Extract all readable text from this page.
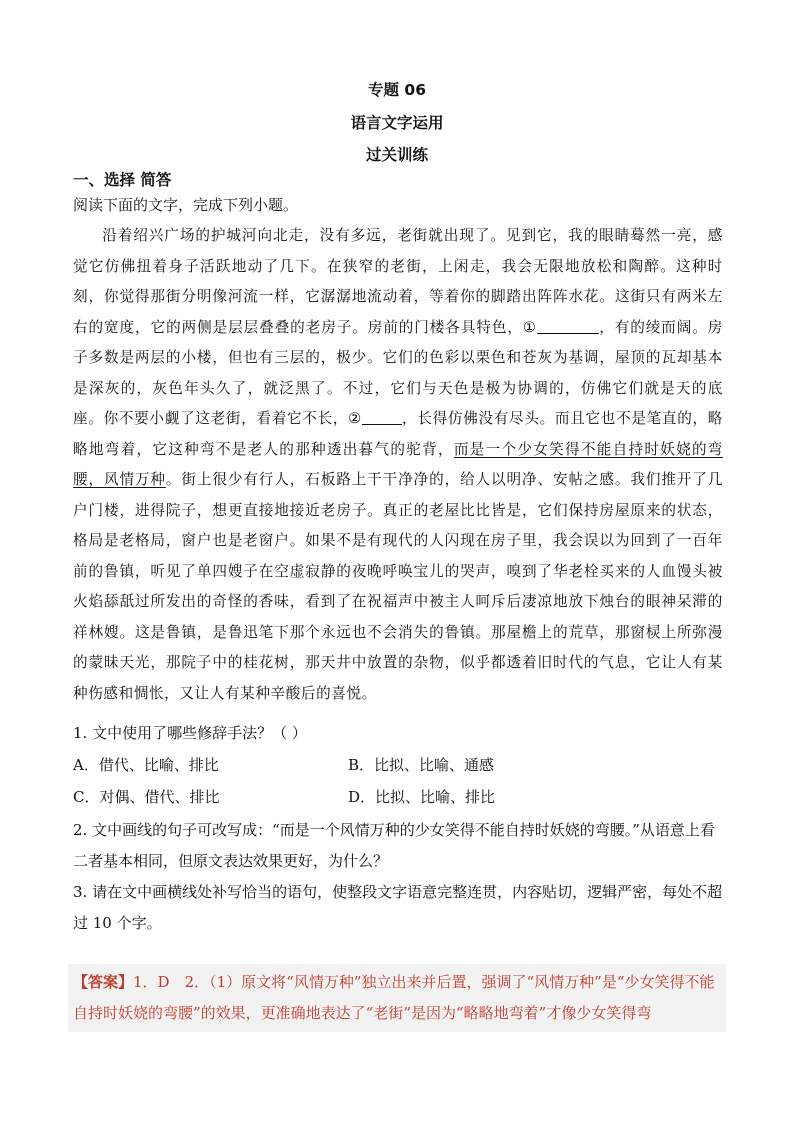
专题 06
语言文字运用
过关训练
一、选择 简答
阅读下面的文字，完成下列小题。

沿着绍兴广场的护城河向北走，没有多远，老街就出现了。见到它，我的眼睛蓦然一亮，感觉它仿佛扭着身子活跃地动了几下。在狭窄的老街，上闲走，我会无限地放松和陶醉。这种时刻，你觉得那街分明像河流一样，它潺潺地流动着，等着你的脚踏出阵阵水花。这街只有两米左右的宽度，它的两侧是层层叠叠的老房子。房前的门楼各具特色，①	，有的绫而阔。房子多数是两层的小楼，但也有三层的，极少。它们的色彩以栗色和苍灰为基调，屋顶的瓦却基本是深灰的，灰色年头久了，就泛黑了。不过，它们与天色是极为协调的，仿佛它们就是天的底座。你不要小觑了这老街，看着它不长，②	，长得仿佛没有尽头。而且它也不是笔直的，略略地弯着，它这种弯不是老人的那种透出暮气的驼背，而是一个少女笑得不能自持时妖娆的弯腰，风情万种。街上很少有行人，石板路上干干净净的，给人以明净、安帖之感。我们推开了几户门楼，进得院子，想更直接地接近老房子。真正的老屋比比皆是，它们保持房屋原来的状态，格局是老格局，窗户也是老窗户。如果不是有现代的人闪现在房子里，我会误以为回到了一百年前的鲁镇，听见了单四嫂子在空虚寂静的夜晚呼唤宝儿的哭声，嗅到了华老栓买来的人血馒头被火焰舔舐过所发出的奇怪的香味，看到了在祝福声中被主人呵斥后凄凉地放下烛台的眼神呆滞的祥林嫂。这是鲁镇，是鲁迅笔下那个永远也不会消失的鲁镇。那屋檐上的荒草，那窗棂上所弥漫的蒙昧天光，那院子中的桂花树，那天井中放置的杂物，似乎都透着旧时代的气息，它让人有某种伤感和惆怅，又让人有某种辛酸后的喜悦。

1. 文中使用了哪些修辞手法？（ ）
A．借代、比喻、排比	B．比拟、比喻、通感
C．对偶、借代、排比	D．比拟、比喻、排比

2. 文中画线的句子可改写成：“而是一个风情万种的少女笑得不能自持时妖娆的弯腰。”从语意上看二者基本相同，但原文表达效果更好，为什么？

3. 请在文中画横线处补写恰当的语句，使整段文字语意完整连贯，内容贴切，逻辑严密，每处不超过 10 个字。

【答案】1．D　2．（1）原文将“风情万种”独立出来并后置，强调了“风情万种”是“少女笑得不能自持时妖娆的弯腰”的效果，更准确地表达了“老街”是因为“略略地弯着”才像少女笑得弯
